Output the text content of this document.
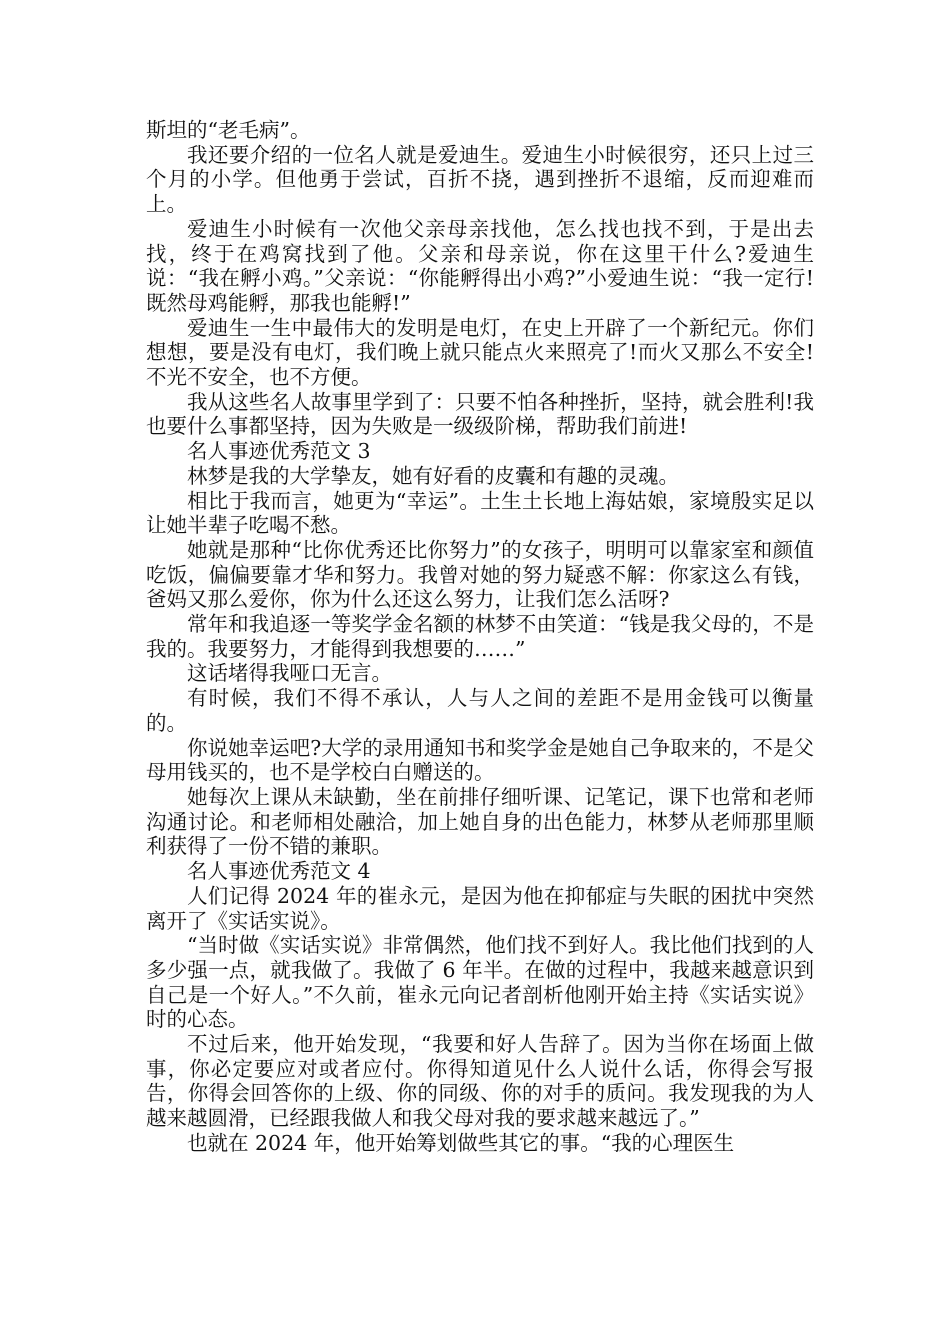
斯坦的“老毛病”。

我还要介绍的一位名人就是爱迪生。爱迪生小时候很穷，还只上过三个月的小学。但他勇于尝试，百折不挠，遇到挫折不退缩，反而迎难而上。

爱迪生小时候有一次他父亲母亲找他，怎么找也找不到，于是出去找，终于在鸡窝找到了他。父亲和母亲说，你在这里干什么?爱迪生说：“我在孵小鸡。”父亲说：“你能孵得出小鸡?”小爱迪生说：“我一定行!既然母鸡能孵，那我也能孵!”

爱迪生一生中最伟大的发明是电灯，在史上开辟了一个新纪元。你们想想，要是没有电灯，我们晚上就只能点火来照亮了!而火又那么不安全!不光不安全，也不方便。

我从这些名人故事里学到了：只要不怕各种挫折，坚持，就会胜利!我也要什么事都坚持，因为失败是一级级阶梯，帮助我们前进!

名人事迹优秀范文 3

林梦是我的大学挚友，她有好看的皮囊和有趣的灵魂。

相比于我而言，她更为“幸运”。土生土长地上海姑娘，家境殷实足以让她半辈子吃喝不愁。

她就是那种“比你优秀还比你努力”的女孩子，明明可以靠家室和颜值吃饭，偏偏要靠才华和努力。我曾对她的努力疑惑不解：你家这么有钱，爸妈又那么爱你，你为什么还这么努力，让我们怎么活呀?

常年和我追逐一等奖学金名额的林梦不由笑道：“钱是我父母的，不是我的。我要努力，才能得到我想要的……”

这话堵得我哑口无言。

有时候，我们不得不承认，人与人之间的差距不是用金钱可以衡量的。

你说她幸运吧?大学的录用通知书和奖学金是她自己争取来的，不是父母用钱买的，也不是学校白白赠送的。

她每次上课从未缺勤，坐在前排仔细听课、记笔记，课下也常和老师沟通讨论。和老师相处融洽，加上她自身的出色能力，林梦从老师那里顺利获得了一份不错的兼职。

名人事迹优秀范文 4

人们记得 2024 年的崔永元，是因为他在抑郁症与失眠的困扰中突然离开了《实话实说》。

“当时做《实话实说》非常偶然，他们找不到好人。我比他们找到的人多少强一点，就我做了。我做了 6 年半。在做的过程中，我越来越意识到自己是一个好人。”不久前，崔永元向记者剖析他刚开始主持《实话实说》时的心态。

不过后来，他开始发现，“我要和好人告辞了。因为当你在场面上做事，你必定要应对或者应付。你得知道见什么人说什么话，你得会写报告，你得会回答你的上级、你的同级、你的对手的质问。我发现我的为人越来越圆滑，已经跟我做人和我父母对我的要求越来越远了。”

也就在 2024 年，他开始筹划做些其它的事。“我的心理医生
